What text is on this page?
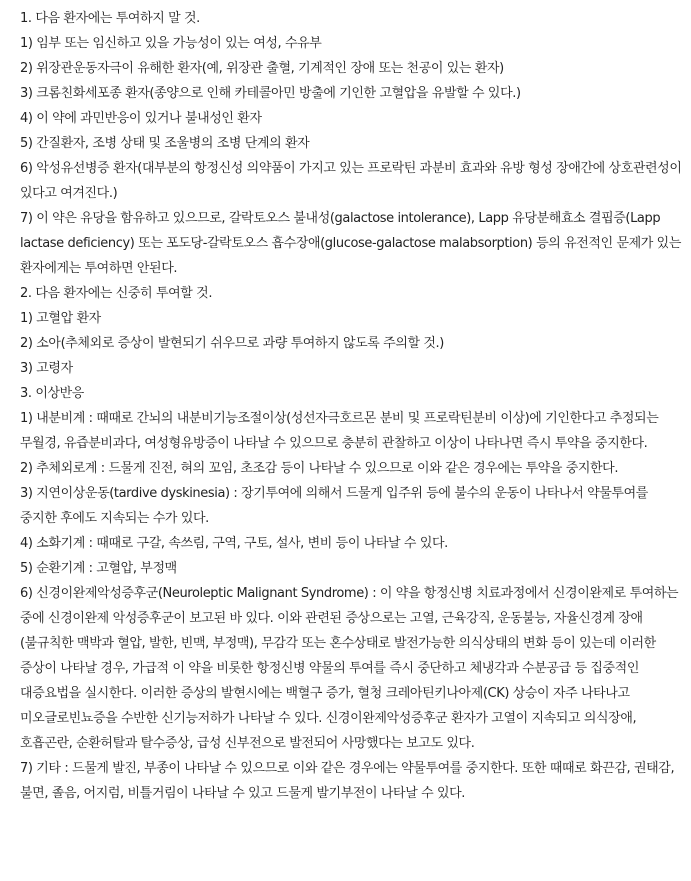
1. 다음 환자에는 투여하지 말 것.

1) 임부 또는 임신하고 있을 가능성이 있는 여성, 수유부

2) 위장관운동자극이 유해한 환자(예, 위장관 출혈, 기계적인 장애 또는 천공이 있는 환자)

3) 크롬친화세포종 환자(종양으로 인해 카테콜아민 방출에 기인한 고혈압을 유발할 수 있다.)

4) 이 약에 과민반응이 있거나 불내성인 환자

5) 간질환자, 조병 상태 및 조울병의 조병 단계의 환자

6) 악성유선병증 환자(대부분의 항정신성 의약품이 가지고 있는 프로락틴 과분비 효과와 유방 형성 장애간에 상호관련성이 있다고 여겨진다.)

7) 이 약은 유당을 함유하고 있으므로, 갈락토오스 불내성(galactose intolerance), Lapp 유당분해효소 결핍증(Lapp lactase deficiency) 또는 포도당-갈락토오스 흡수장애(glucose-galactose malabsorption) 등의 유전적인 문제가 있는 환자에게는 투여하면 안된다.

2. 다음 환자에는 신중히 투여할 것.

1) 고혈압 환자

2) 소아(추체외로 증상이 발현되기 쉬우므로 과량 투여하지 않도록 주의할 것.)

3) 고령자

3. 이상반응

1) 내분비계 : 때때로 간뇌의 내분비기능조절이상(성선자극호르몬 분비 및 프로락틴분비 이상)에 기인한다고 추정되는 무월경, 유즙분비과다, 여성형유방증이 나타날 수 있으므로 충분히 관찰하고 이상이 나타나면 즉시 투약을 중지한다.

2) 추체외로계 : 드물게 진전, 혀의 꼬임, 초조감 등이 나타날 수 있으므로 이와 같은 경우에는 투약을 중지한다.

3) 지연이상운동(tardive dyskinesia) : 장기투여에 의해서 드물게 입주위 등에 불수의 운동이 나타나서 약물투여를 중지한 후에도 지속되는 수가 있다.

4) 소화기계 : 때때로 구갈, 속쓰림, 구역, 구토, 설사, 변비 등이 나타날 수 있다.

5) 순환기계 : 고혈압, 부정맥

6) 신경이완제악성증후군(Neuroleptic Malignant Syndrome) : 이 약을 항정신병 치료과정에서 신경이완제로 투여하는 중에 신경이완제 악성증후군이 보고된 바 있다. 이와 관련된 증상으로는 고열, 근육강직, 운동불능, 자율신경계 장애(불규칙한 맥박과 혈압, 발한, 빈맥, 부정맥), 무감각 또는 혼수상태로 발전가능한 의식상태의 변화 등이 있는데 이러한 증상이 나타날 경우, 가급적 이 약을 비롯한 항정신병 약물의 투여를 즉시 중단하고 체냉각과 수분공급 등 집중적인 대증요법을 실시한다. 이러한 증상의 발현시에는 백혈구 증가, 혈청 크레아틴키나아제(CK) 상승이 자주 나타나고 미오글로빈뇨증을 수반한 신기능저하가 나타날 수 있다. 신경이완제악성증후군 환자가 고열이 지속되고 의식장애, 호흡곤란, 순환허탈과 탈수증상, 급성 신부전으로 발전되어 사망했다는 보고도 있다.

7) 기타 : 드물게 발진, 부종이 나타날 수 있으므로 이와 같은 경우에는 약물투여를 중지한다. 또한 때때로 화끈감, 권태감, 불면, 졸음, 어지럼, 비틀거림이 나타날 수 있고 드물게 발기부전이 나타날 수 있다.
